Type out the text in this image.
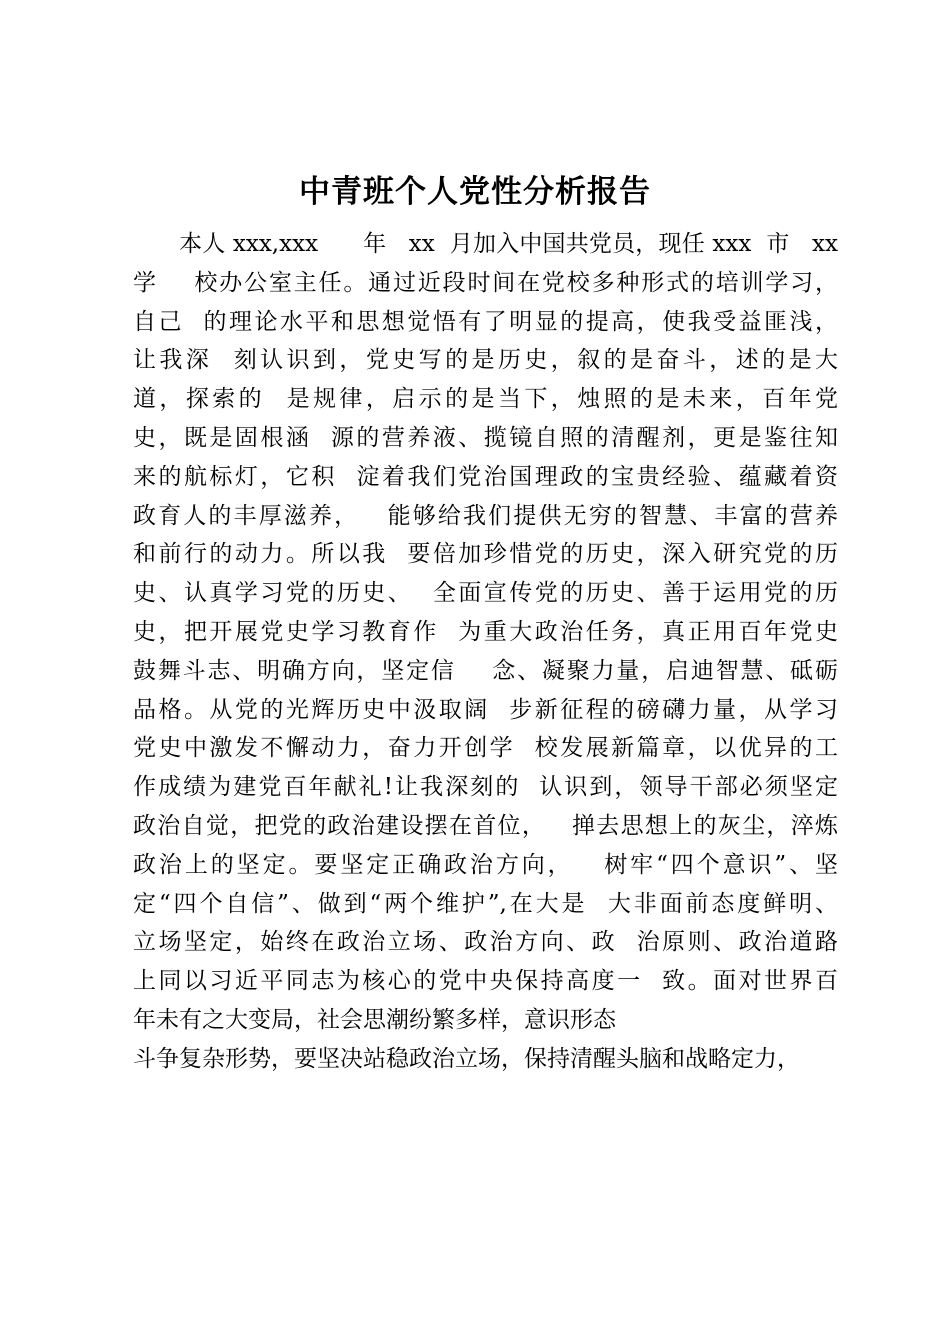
中青班个人党性分析报告
本人 xxx,xxx      年   xx  月加入中国共党员，现任 xxx  市   xx
学    校办公室主任。通过近段时间在党校多种形式的培训学习，
自己  的理论水平和思想觉悟有了明显的提高，使我受益匪浅，
让我深  刻认识到，党史写的是历史，叙的是奋斗，述的是大
道，探索的  是规律，启示的是当下，烛照的是未来，百年党
史，既是固根涵  源的营养液、揽镜自照的清醒剂，更是鉴往知
来的航标灯，它积  淀着我们党治国理政的宝贵经验、蕴藏着资
政育人的丰厚滋养，   能够给我们提供无穷的智慧、丰富的营养
和前行的动力。所以我  要倍加珍惜党的历史，深入研究党的历
史、认真学习党的历史、  全面宣传党的历史、善于运用党的历
史，把开展党史学习教育作  为重大政治任务，真正用百年党史
鼓舞斗志、明确方向，坚定信    念、凝聚力量，启迪智慧、砥砺
品格。从党的光辉历史中汲取阔  步新征程的磅礴力量，从学习
党史中激发不懈动力，奋力开创学  校发展新篇章，以优异的工
作成绩为建党百年献礼!让我深刻的  认识到，领导干部必须坚定
政治自觉，把党的政治建设摆在首位，   掸去思想上的灰尘，淬炼
政治上的坚定。要坚定正确政治方向，   树牢“四个意识”、坚
定“四个自信”、做到“两个维护”,在大是  大非面前态度鲜明、
立场坚定，始终在政治立场、政治方向、政  治原则、政治道路
上同以习近平同志为核心的党中央保持高度一  致。面对世界百
年未有之大变局，社会思潮纷繁多样，意识形态
斗争复杂形势，要坚决站稳政治立场，保持清醒头脑和战略定力，
